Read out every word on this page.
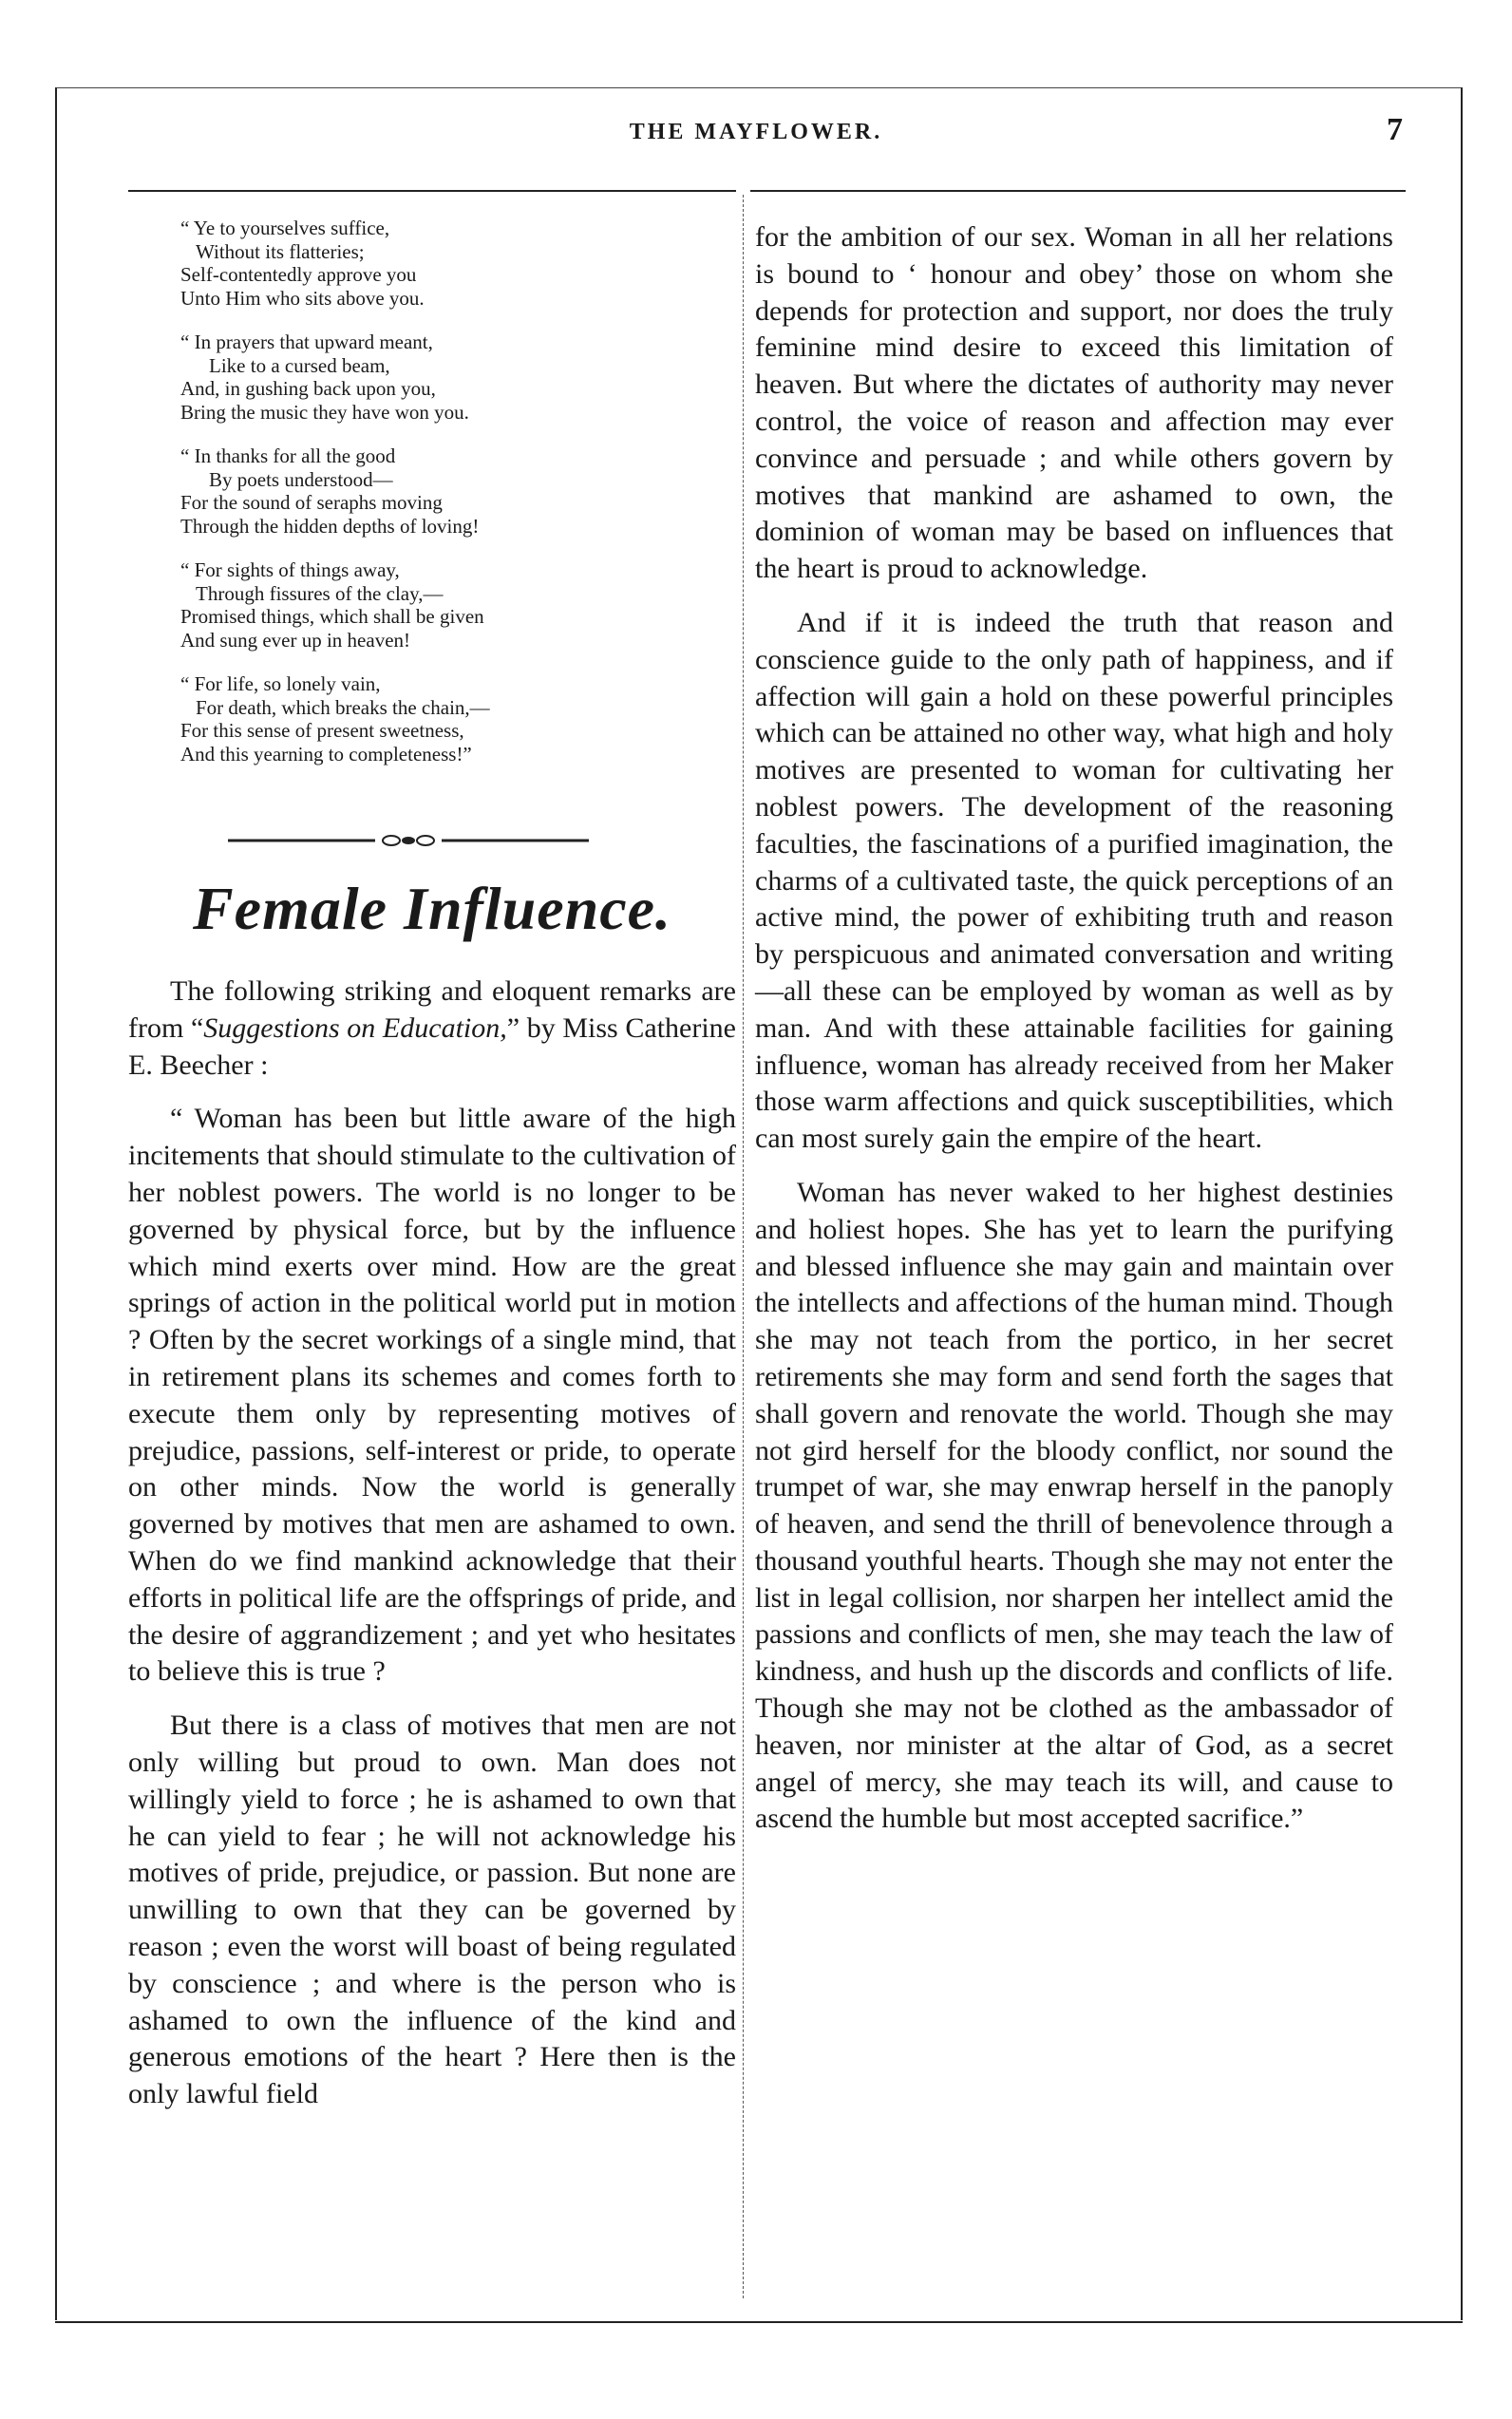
THE MAYFLOWER.	7
“ Ye to yourselves suffice,
Without its flatteries;
Self-contentedly approve you
Unto Him who sits above you.
“ In prayers that upward meant,
Like to a cursed beam,
And, in gushing back upon you,
Bring the music they have won you.
“ In thanks for all the good
By poets understood—
For the sound of seraphs moving
Through the hidden depths of loving!
“ For sights of things away,
Through fissures of the clay,—
Promised things, which shall be given
And sung ever up in heaven!
“ For life, so lonely vain,
For death, which breaks the chain,—
For this sense of present sweetness,
And this yearning to completeness!”
Female Influence.

The following striking and eloquent remarks are from “Suggestions on Education,” by Miss Catherine E. Beecher :

“ Woman has been but little aware of the high incitements that should stimulate to the cultivation of her noblest powers. The world is no longer to be governed by physical force, but by the influence which mind exerts over mind. How are the great springs of action in the political world put in motion ? Often by the secret workings of a single mind, that in retirement plans its schemes and comes forth to execute them only by representing motives of prejudice, passions, self-interest or pride, to operate on other minds. Now the world is generally governed by motives that men are ashamed to own. When do we find mankind acknowledge that their efforts in political life are the offsprings of pride, and the desire of aggrandizement ; and yet who hesitates to believe this is true ?

But there is a class of motives that men are not only willing but proud to own. Man does not willingly yield to force ; he is ashamed to own that he can yield to fear ; he will not acknowledge his motives of pride, prejudice, or passion. But none are unwilling to own that they can be governed by reason ; even the worst will boast of being regulated by conscience ; and where is the person who is ashamed to own the influence of the kind and generous emotions of the heart ? Here then is the only lawful field

for the ambition of our sex. Woman in all her relations is bound to ‘ honour and obey’ those on whom she depends for protection and support, nor does the truly feminine mind desire to exceed this limitation of heaven. But where the dictates of authority may never control, the voice of reason and affection may ever convince and persuade ; and while others govern by motives that mankind are ashamed to own, the dominion of woman may be based on influences that the heart is proud to acknowledge.

And if it is indeed the truth that reason and conscience guide to the only path of happiness, and if affection will gain a hold on these powerful principles which can be attained no other way, what high and holy motives are presented to woman for cultivating her noblest powers. The development of the reasoning faculties, the fascinations of a purified imagination, the charms of a cultivated taste, the quick perceptions of an active mind, the power of exhibiting truth and reason by perspicuous and animated conversation and writing—all these can be employed by woman as well as by man. And with these attainable facilities for gaining influence, woman has already received from her Maker those warm affections and quick susceptibilities, which can most surely gain the empire of the heart.

Woman has never waked to her highest destinies and holiest hopes. She has yet to learn the purifying and blessed influence she may gain and maintain over the intellects and affections of the human mind. Though she may not teach from the portico, in her secret retirements she may form and send forth the sages that shall govern and renovate the world. Though she may not gird herself for the bloody conflict, nor sound the trumpet of war, she may enwrap herself in the panoply of heaven, and send the thrill of benevolence through a thousand youthful hearts. Though she may not enter the list in legal collision, nor sharpen her intellect amid the passions and conflicts of men, she may teach the law of kindness, and hush up the discords and conflicts of life. Though she may not be clothed as the ambassador of heaven, nor minister at the altar of God, as a secret angel of mercy, she may teach its will, and cause to ascend the humble but most accepted sacrifice.”
